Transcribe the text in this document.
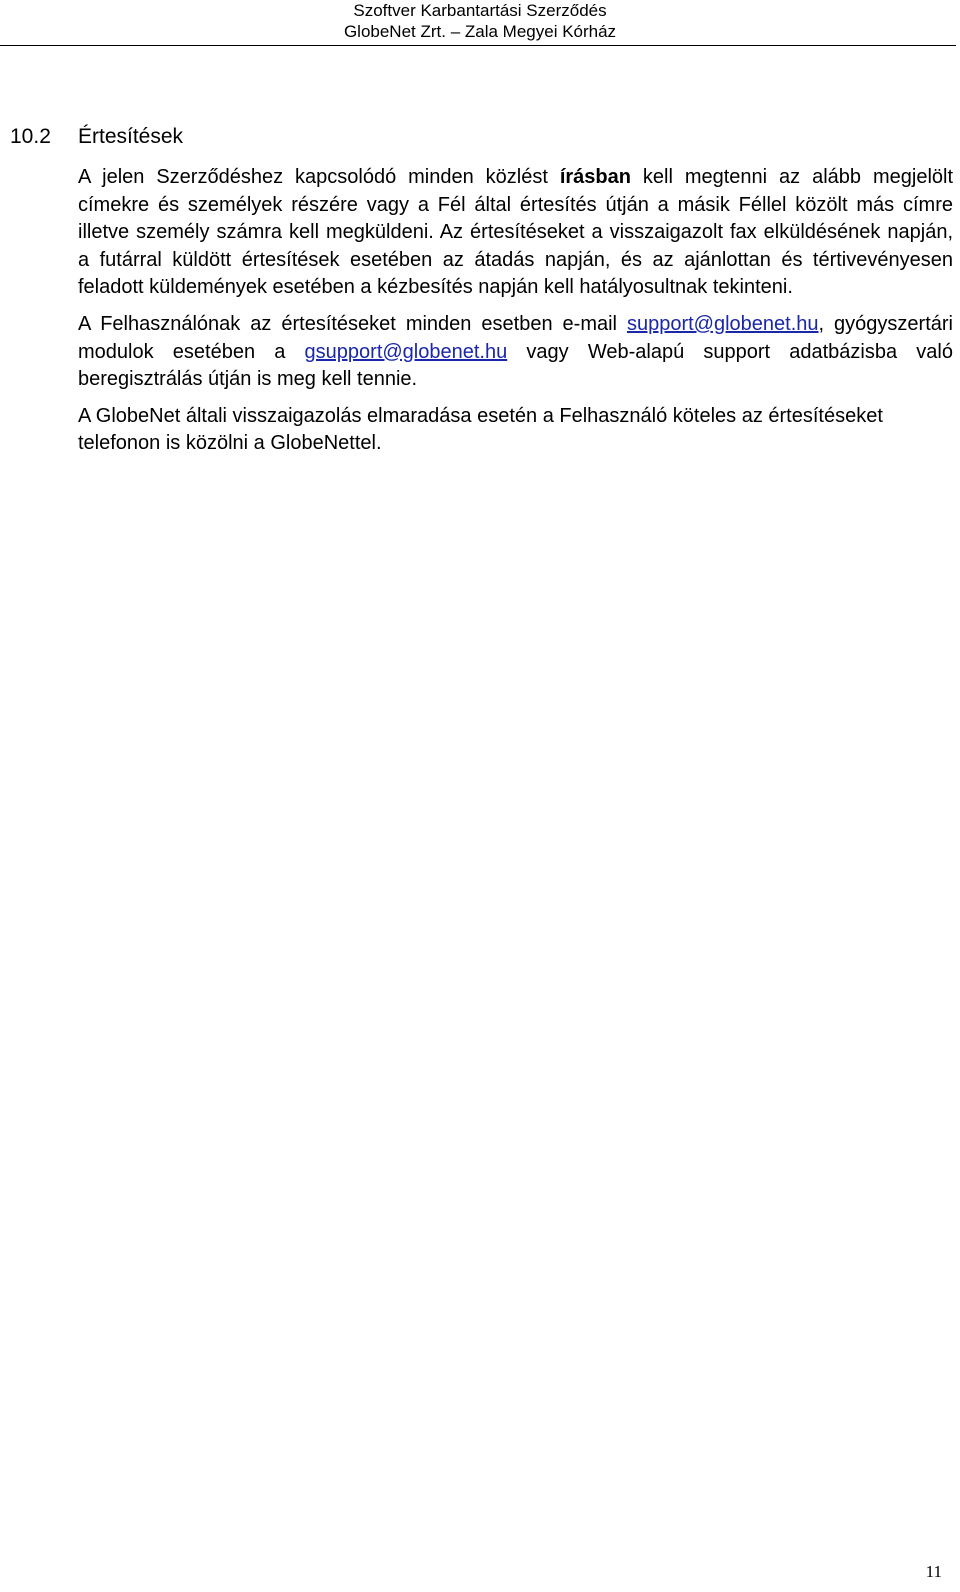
Szoftver Karbantartási Szerződés
GlobeNet Zrt. – Zala Megyei Kórház
10.2 Értesítések

A jelen Szerződéshez kapcsolódó minden közlést írásban kell megtenni az alább megjelölt címekre és személyek részére vagy a Fél által értesítés útján a másik Féllel közölt más címre illetve személy számra kell megküldeni. Az értesítéseket a visszaigazolt fax elküldésének napján, a futárral küldött értesítések esetében az átadás napján, és az ajánlottan és tértivevényesen feladott küldemények esetében a kézbesítés napján kell hatályosultnak tekinteni.

A Felhasználónak az értesítéseket minden esetben e-mail support@globenet.hu, gyógyszertári modulok esetében a gsupport@globenet.hu vagy Web-alapú support adatbázisba való beregisztrálás útján is meg kell tennie.

A GlobeNet általi visszaigazolás elmaradása esetén a Felhasználó köteles az értesítéseket telefonon is közölni a GlobeNettel.

11
